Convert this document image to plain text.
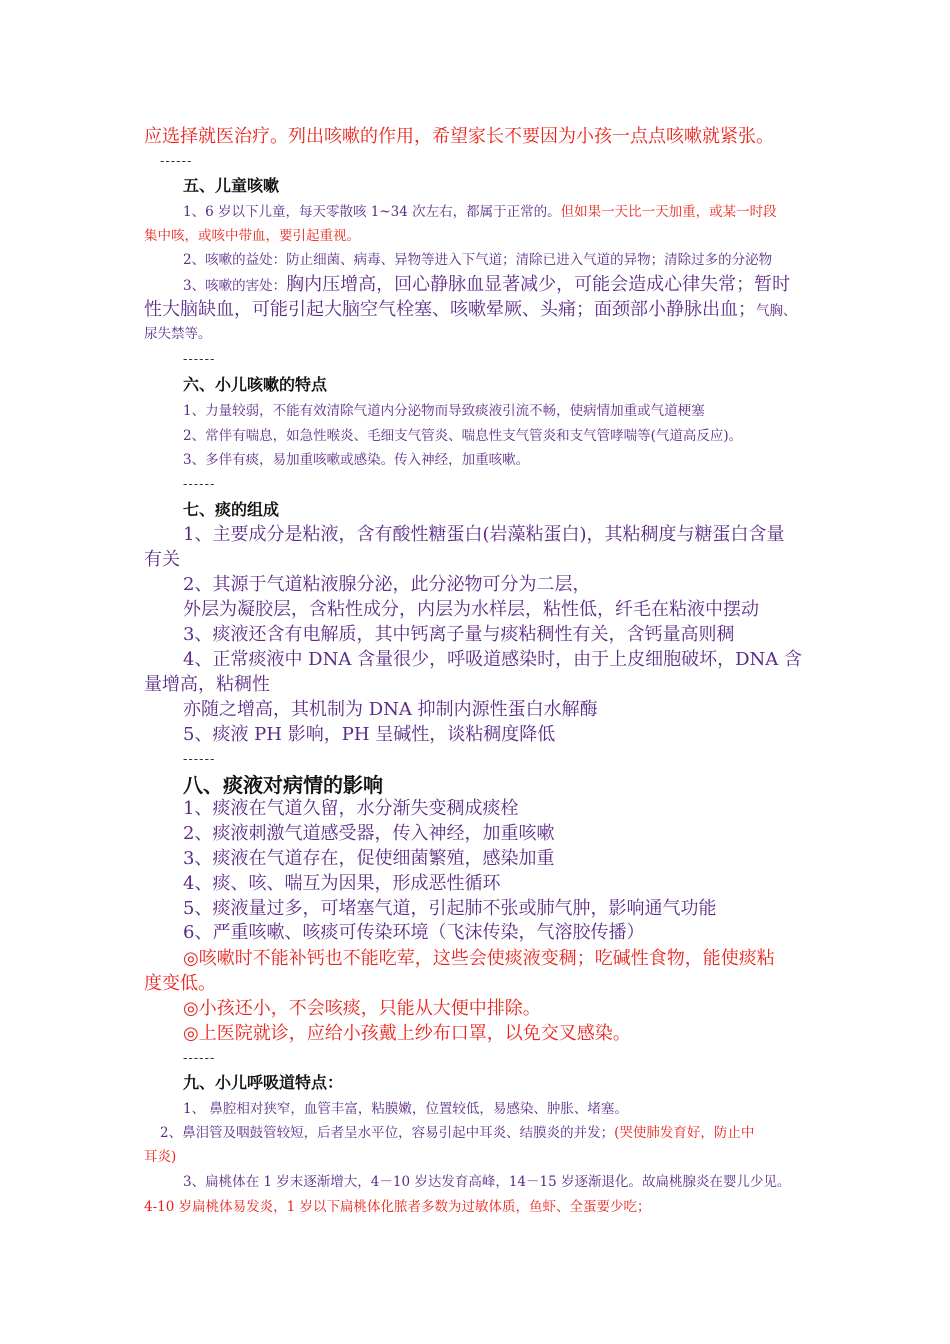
应选择就医治疗。列出咳嗽的作用，希望家长不要因为小孩一点点咳嗽就紧张。
------
五、儿童咳嗽
1、6 岁以下儿童，每天零散咳 1~34 次左右，都属于正常的。但如果一天比一天加重，或某一时段
集中咳，或咳中带血，要引起重视。
2、咳嗽的益处：防止细菌、病毒、异物等进入下气道；清除已进入气道的异物；清除过多的分泌物
3、咳嗽的害处：胸内压增高，回心静脉血显著减少，可能会造成心律失常；暂时
性大脑缺血，可能引起大脑空气栓塞、咳嗽晕厥、头痛；面颈部小静脉出血；气胸、
尿失禁等。
------
六、小儿咳嗽的特点
1、力量较弱，不能有效清除气道内分泌物而导致痰液引流不畅，使病情加重或气道梗塞
2、常伴有喘息，如急性喉炎、毛细支气管炎、喘息性支气管炎和支气管哮喘等(气道高反应)。
3、多伴有痰，易加重咳嗽或感染。传入神经，加重咳嗽。
------
七、痰的组成
1、主要成分是粘液，含有酸性糖蛋白(岩藻粘蛋白)，其粘稠度与糖蛋白含量
有关
2、其源于气道粘液腺分泌，此分泌物可分为二层，
外层为凝胶层，含粘性成分，内层为水样层，粘性低，纤毛在粘液中摆动
3、痰液还含有电解质，其中钙离子量与痰粘稠性有关，含钙量高则稠
4、正常痰液中 DNA 含量很少，呼吸道感染时，由于上皮细胞破坏，DNA 含
量增高，粘稠性
亦随之增高，其机制为 DNA 抑制内源性蛋白水解酶
5、痰液 PH 影响，PH 呈碱性，谈粘稠度降低
------
八、痰液对病情的影响
1、痰液在气道久留，水分渐失变稠成痰栓
2、痰液刺激气道感受器，传入神经，加重咳嗽
3、痰液在气道存在，促使细菌繁殖，感染加重
4、痰、咳、喘互为因果，形成恶性循环
5、痰液量过多，可堵塞气道，引起肺不张或肺气肿，影响通气功能
6、严重咳嗽、咳痰可传染环境（飞沫传染，气溶胶传播）
◎咳嗽时不能补钙也不能吃荤，这些会使痰液变稠；吃碱性食物，能使痰粘
度变低。
◎小孩还小，不会咳痰，只能从大便中排除。
◎上医院就诊，应给小孩戴上纱布口罩，以免交叉感染。
------
九、小儿呼吸道特点：
1、 鼻腔相对狭窄，血管丰富，粘膜嫩，位置较低，易感染、肿胀、堵塞。
2、鼻泪管及咽鼓管较短，后者呈水平位，容易引起中耳炎、结膜炎的并发；(哭使肺发育好，防止中
耳炎)
3、扁桃体在 1 岁末逐渐增大，4－10 岁达发育高峰，14－15 岁逐渐退化。故扁桃腺炎在婴儿少见。
4-10 岁扁桃体易发炎，1 岁以下扁桃体化脓者多数为过敏体质，鱼虾、全蛋要少吃；
